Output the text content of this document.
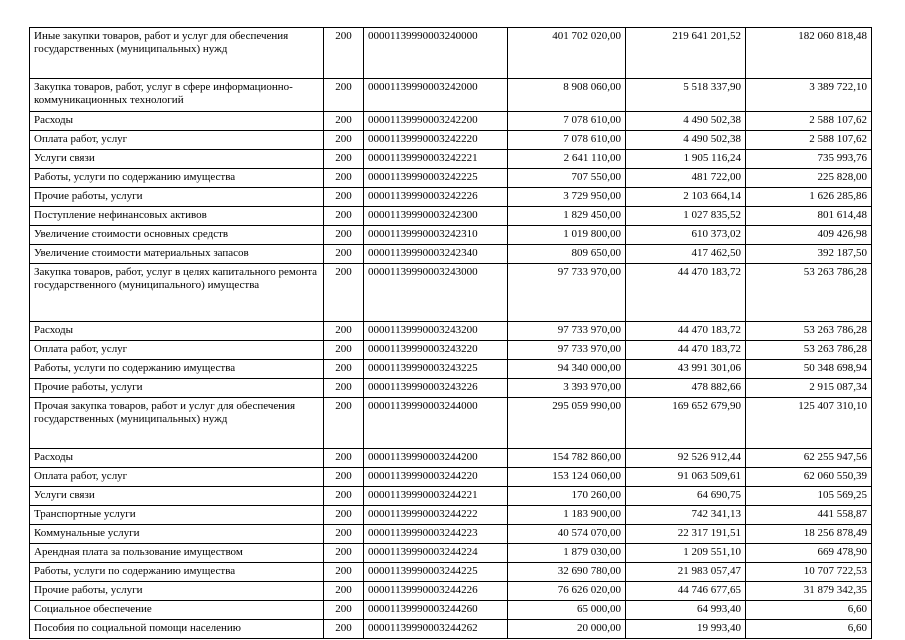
Иные закупки товаров, работ и услуг для обеспечения государственных (муниципальных) нужд	200	00001139990003240000	401 702 020,00	219 641 201,52	182 060 818,48
Закупка товаров, работ, услуг в сфере информационно-коммуникационных технологий	200	00001139990003242000	8 908 060,00	5 518 337,90	3 389 722,10
Расходы	200	00001139990003242200	7 078 610,00	4 490 502,38	2 588 107,62
Оплата работ, услуг	200	00001139990003242220	7 078 610,00	4 490 502,38	2 588 107,62
Услуги связи	200	00001139990003242221	2 641 110,00	1 905 116,24	735 993,76
Работы, услуги по содержанию имущества	200	00001139990003242225	707 550,00	481 722,00	225 828,00
Прочие работы, услуги	200	00001139990003242226	3 729 950,00	2 103 664,14	1 626 285,86
Поступление нефинансовых активов	200	00001139990003242300	1 829 450,00	1 027 835,52	801 614,48
Увеличение стоимости основных средств	200	00001139990003242310	1 019 800,00	610 373,02	409 426,98
Увеличение стоимости материальных запасов	200	00001139990003242340	809 650,00	417 462,50	392 187,50
Закупка товаров, работ, услуг в целях капитального ремонта государственного (муниципального) имущества	200	00001139990003243000	97 733 970,00	44 470 183,72	53 263 786,28
Расходы	200	00001139990003243200	97 733 970,00	44 470 183,72	53 263 786,28
Оплата работ, услуг	200	00001139990003243220	97 733 970,00	44 470 183,72	53 263 786,28
Работы, услуги по содержанию имущества	200	00001139990003243225	94 340 000,00	43 991 301,06	50 348 698,94
Прочие работы, услуги	200	00001139990003243226	3 393 970,00	478 882,66	2 915 087,34
Прочая закупка товаров, работ и услуг для обеспечения государственных (муниципальных) нужд	200	00001139990003244000	295 059 990,00	169 652 679,90	125 407 310,10
Расходы	200	00001139990003244200	154 782 860,00	92 526 912,44	62 255 947,56
Оплата работ, услуг	200	00001139990003244220	153 124 060,00	91 063 509,61	62 060 550,39
Услуги связи	200	00001139990003244221	170 260,00	64 690,75	105 569,25
Транспортные услуги	200	00001139990003244222	1 183 900,00	742 341,13	441 558,87
Коммунальные услуги	200	00001139990003244223	40 574 070,00	22 317 191,51	18 256 878,49
Арендная плата за пользование имуществом	200	00001139990003244224	1 879 030,00	1 209 551,10	669 478,90
Работы, услуги по содержанию имущества	200	00001139990003244225	32 690 780,00	21 983 057,47	10 707 722,53
Прочие работы, услуги	200	00001139990003244226	76 626 020,00	44 746 677,65	31 879 342,35
Социальное обеспечение	200	00001139990003244260	65 000,00	64 993,40	6,60
Пособия по социальной помощи населению	200	00001139990003244262	20 000,00	19 993,40	6,60
